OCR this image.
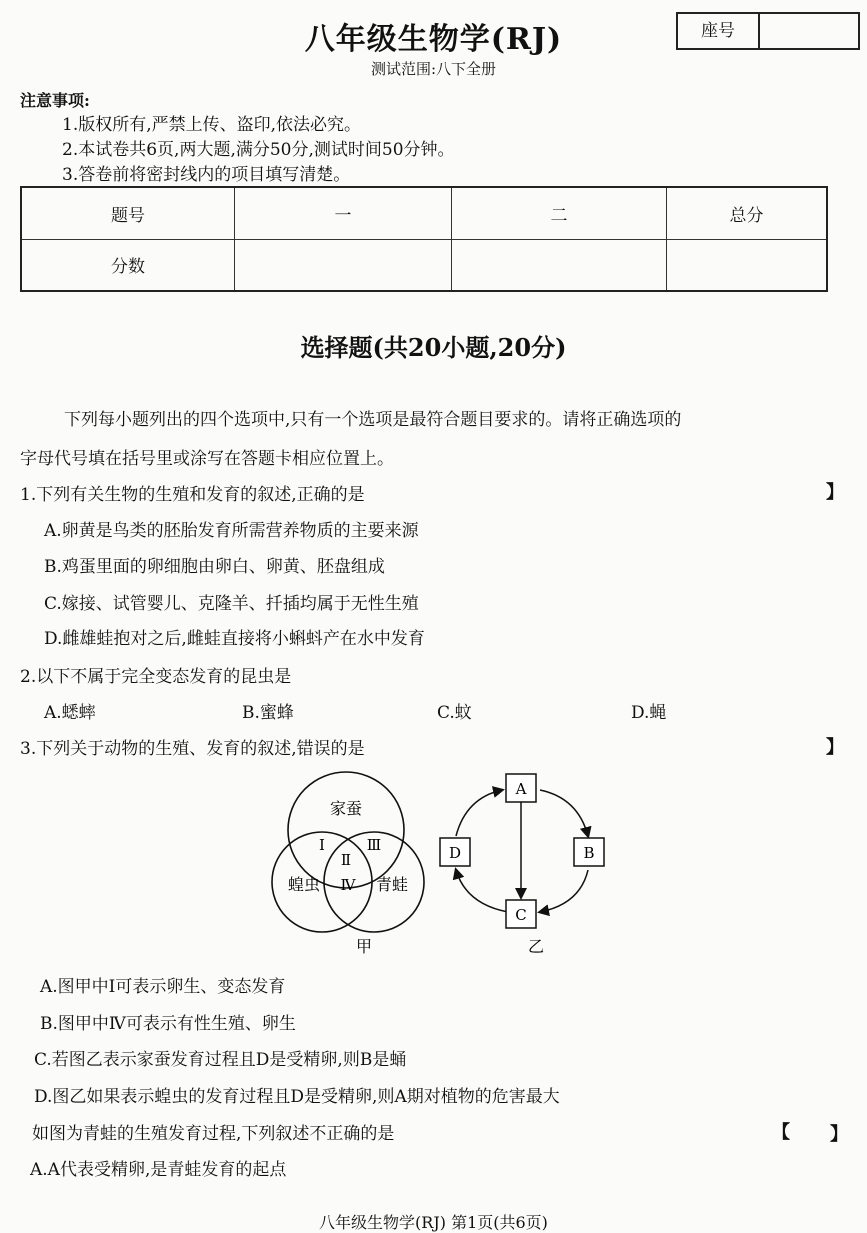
八年级生物学(RJ)	座号
测试范围:八下全册
注意事项:
1.版权所有,严禁上传、盗印,依法必究。
2.本试卷共6页,两大题,满分50分,测试时间50分钟。
3.答卷前将密封线内的项目填写清楚。
题号	一	二	总分
分数			
选择题(共20小题,20分)
下列每小题列出的四个选项中,只有一个选项是最符合题目要求的。请将正确选项的
字母代号填在括号里或涂写在答题卡相应位置上。
1.下列有关生物的生殖和发育的叙述,正确的是	】
A.卵黄是鸟类的胚胎发育所需营养物质的主要来源
B.鸡蛋里面的卵细胞由卵白、卵黄、胚盘组成
C.嫁接、试管婴儿、克隆羊、扦插均属于无性生殖
D.雌雄蛙抱对之后,雌蛙直接将小蝌蚪产在水中发育
2.以下不属于完全变态发育的昆虫是
A.蟋蟀	B.蜜蜂	C.蚊	D.蝇
3.下列关于动物的生殖、发育的叙述,错误的是	】
家蚕
蝗虫	青蛙
Ⅰ
Ⅱ
Ⅲ
Ⅳ
甲
A
B
C
D
乙
A.图甲中Ⅰ可表示卵生、变态发育
B.图甲中Ⅳ可表示有性生殖、卵生
C.若图乙表示家蚕发育过程且D是受精卵,则B是蛹
D.图乙如果表示蝗虫的发育过程且D是受精卵,则A期对植物的危害最大
如图为青蛙的生殖发育过程,下列叙述不正确的是	【 】
A.A代表受精卵,是青蛙发育的起点
八年级生物学(RJ) 第1页(共6页)
